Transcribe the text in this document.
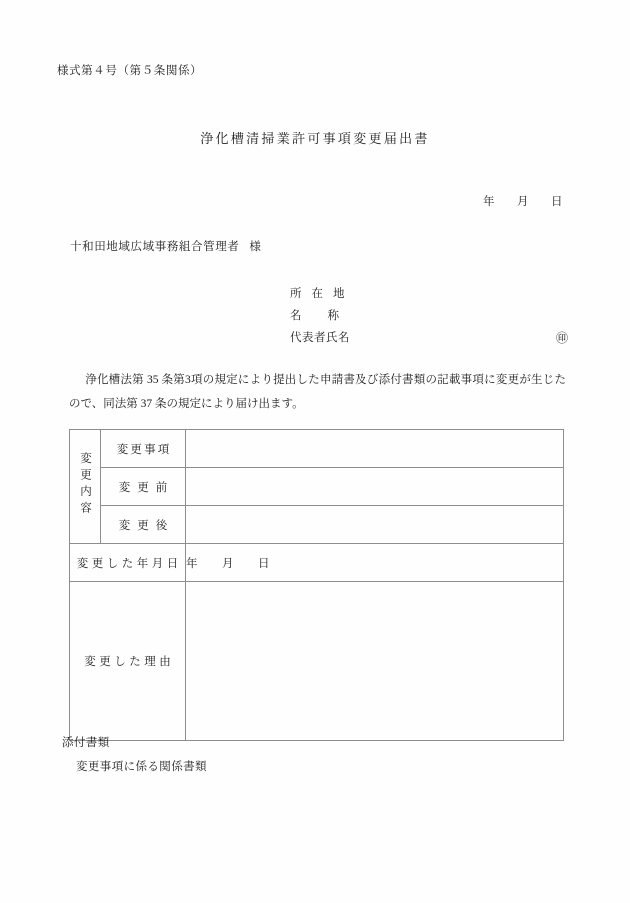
様式第４号（第５条関係）
浄化槽清掃業許可事項変更届出書
年 月 日
十和田地域広域事務組合管理者 様
所在地
名称
代表者氏名	㊞
浄化槽法第 35 条第3項の規定により提出した申請書及び添付書類の記載事項に変更が生じたので、同法第 37 条の規定により届け出ます。
変更内容	変更事項	
	変更前	
	変更後	
変更した年月日		年 月 日
変更した理由		
添付書類
変更事項に係る関係書類
